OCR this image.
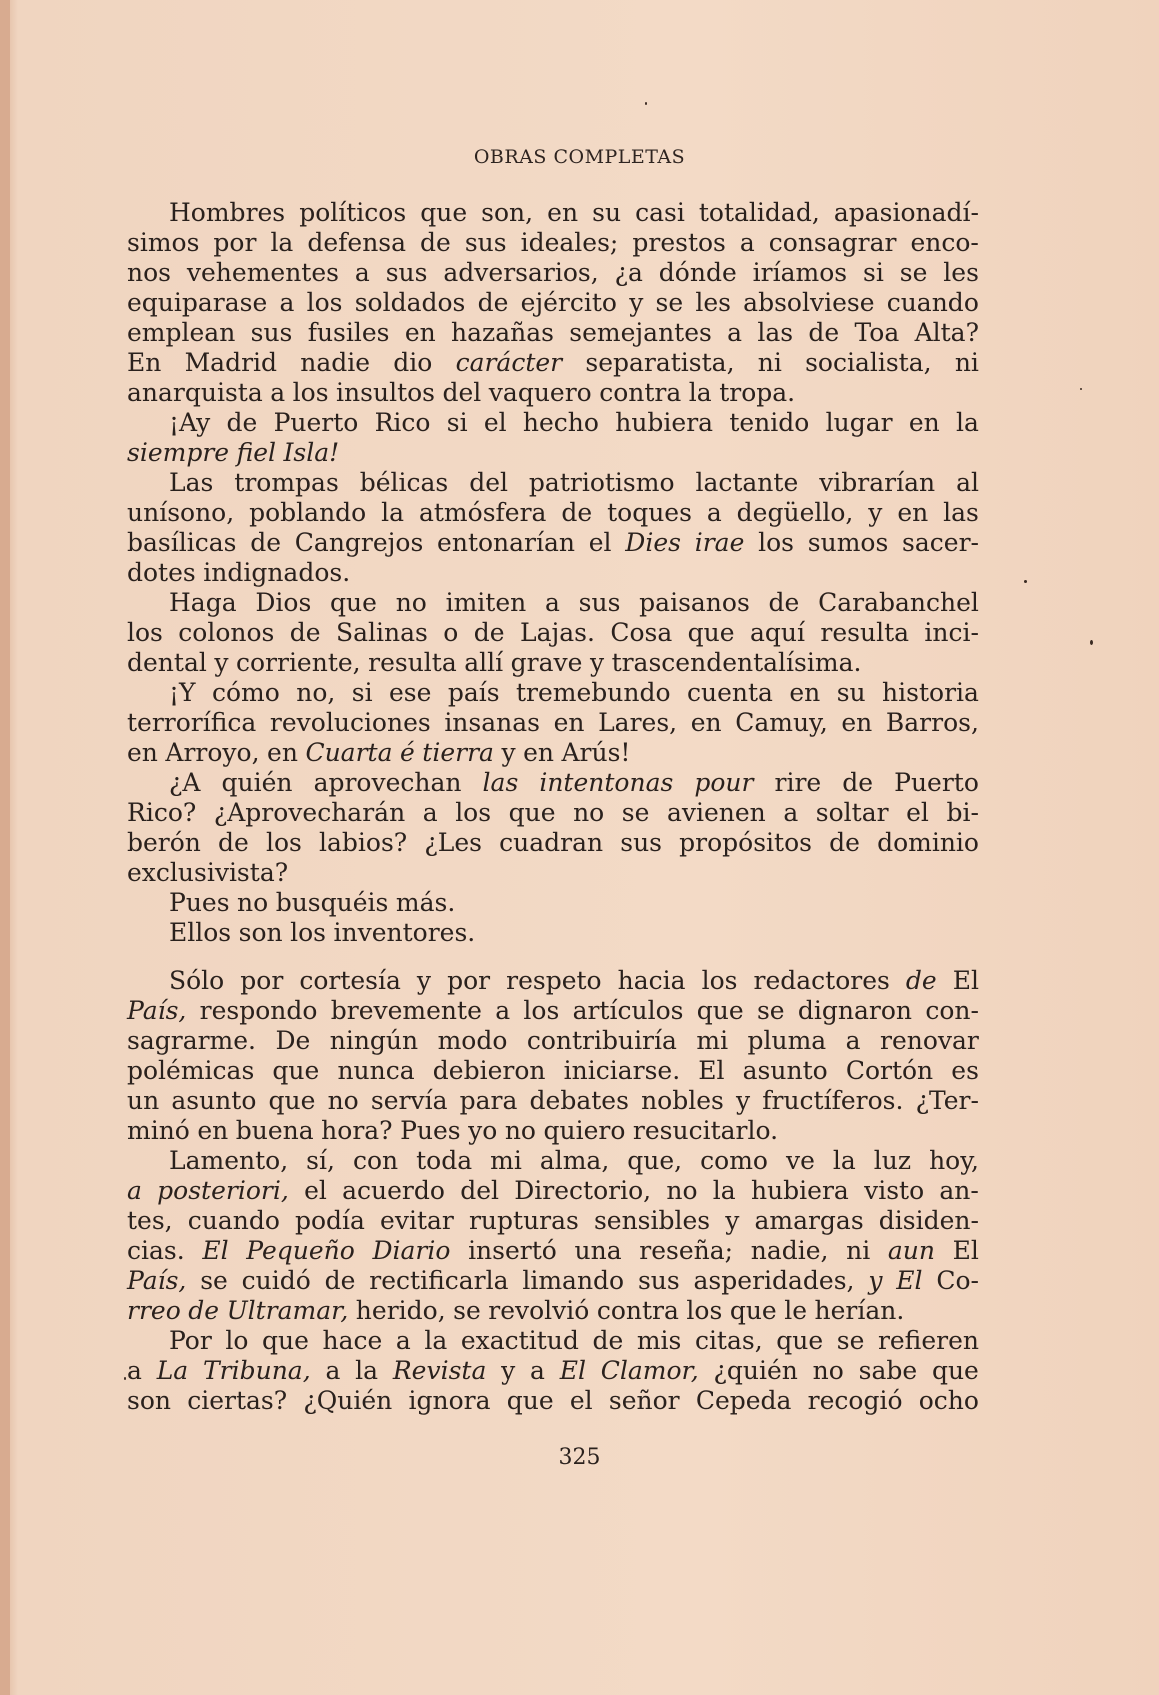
OBRAS COMPLETAS
Hombres políticos que son, en su casi totalidad, apasionadí-
simos por la defensa de sus ideales; prestos a consagrar enco-
nos vehementes a sus adversarios, ¿a dónde iríamos si se les
equiparase a los soldados de ejército y se les absolviese cuando
emplean sus fusiles en hazañas semejantes a las de Toa Alta?
En Madrid nadie dio carácter separatista, ni socialista, ni
anarquista a los insultos del vaquero contra la tropa.
¡Ay de Puerto Rico si el hecho hubiera tenido lugar en la
siempre fiel Isla!
Las trompas bélicas del patriotismo lactante vibrarían al
unísono, poblando la atmósfera de toques a degüello, y en las
basílicas de Cangrejos entonarían el Dies irae los sumos sacer-
dotes indignados.
Haga Dios que no imiten a sus paisanos de Carabanchel
los colonos de Salinas o de Lajas. Cosa que aquí resulta inci-
dental y corriente, resulta allí grave y trascendentalísima.
¡Y cómo no, si ese país tremebundo cuenta en su historia
terrorífica revoluciones insanas en Lares, en Camuy, en Barros,
en Arroyo, en Cuarta é tierra y en Arús!
¿A quién aprovechan las intentonas pour rire de Puerto
Rico? ¿Aprovecharán a los que no se avienen a soltar el bi-
berón de los labios? ¿Les cuadran sus propósitos de dominio
exclusivista?
Pues no busquéis más.
Ellos son los inventores.
Sólo por cortesía y por respeto hacia los redactores de El
País, respondo brevemente a los artículos que se dignaron con-
sagrarme. De ningún modo contribuiría mi pluma a renovar
polémicas que nunca debieron iniciarse. El asunto Cortón es
un asunto que no servía para debates nobles y fructíferos. ¿Ter-
minó en buena hora? Pues yo no quiero resucitarlo.
Lamento, sí, con toda mi alma, que, como ve la luz hoy,
a posteriori, el acuerdo del Directorio, no la hubiera visto an-
tes, cuando podía evitar rupturas sensibles y amargas disiden-
cias. El Pequeño Diario insertó una reseña; nadie, ni aun El
País, se cuidó de rectificarla limando sus asperidades, y El Co-
rreo de Ultramar, herido, se revolvió contra los que le herían.
Por lo que hace a la exactitud de mis citas, que se refieren
a La Tribuna, a la Revista y a El Clamor, ¿quién no sabe que
son ciertas? ¿Quién ignora que el señor Cepeda recogió ocho
325
